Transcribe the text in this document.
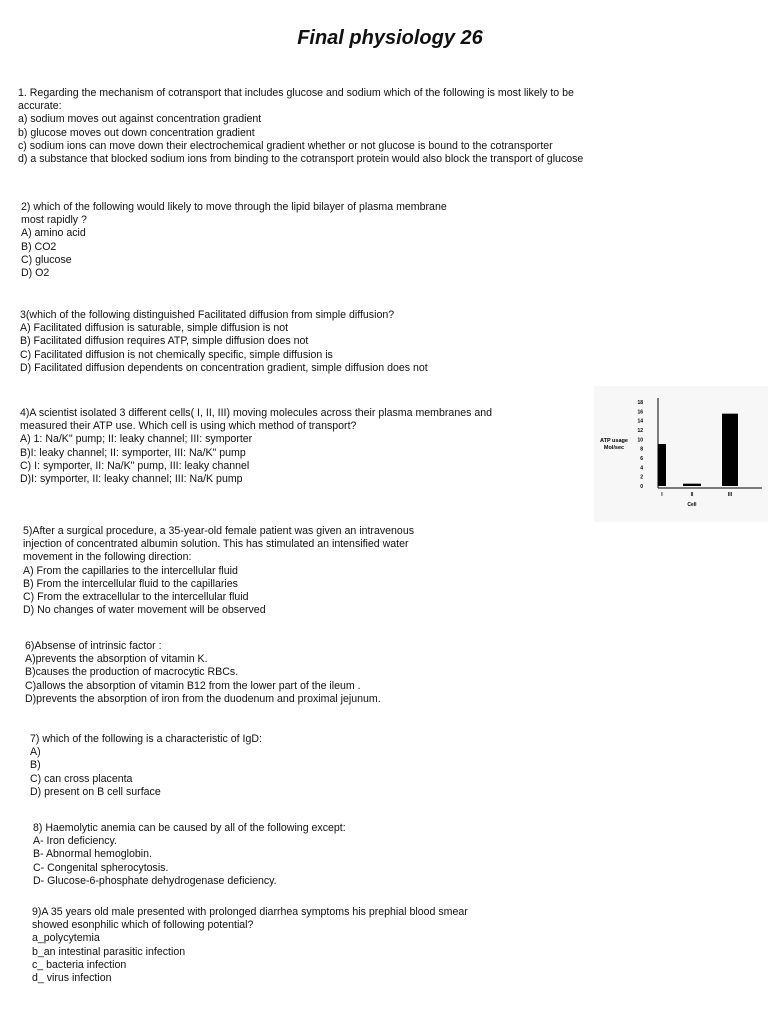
Final physiology 26
1. Regarding the mechanism of cotransport that includes glucose and sodium which of the following is most likely to be
accurate:
a) sodium moves out against concentration gradient
b) glucose moves out down concentration gradient
c) sodium ions can move down their electrochemical gradient whether or not glucose is bound to the cotransporter
d) a substance that blocked sodium ions from binding to the cotransport protein would also block the transport of glucose
2) which of the following would likely to move through the lipid bilayer of plasma membrane
most rapidly ?
A) amino acid
B) CO2
C) glucose
D) O2
3(which of the following distinguished Facilitated diffusion from simple diffusion?
A) Facilitated diffusion is saturable, simple diffusion is not
B) Facilitated diffusion requires ATP, simple diffusion does not
C) Facilitated diffusion is not chemically specific, simple diffusion is
D) Facilitated diffusion dependents on concentration gradient, simple diffusion does not
4)A scientist isolated 3 different cells( I, II, III) moving molecules across their plasma membranes and
measured their ATP use. Which cell is using which method of transport?
A) 1: Na/K" pump; II: leaky channel; III: symporter
B)I: leaky channel; II: symporter, III: Na/K" pump
C) I: symporter, II: Na/K" pump, III: leaky channel
D)I: symporter, II: leaky channel; III: Na/K pump
5)After a surgical procedure, a 35-year-old female patient was given an intravenous
injection of concentrated albumin solution. This has stimulated an intensified water
movement in the following direction:
A) From the capillaries to the intercellular fluid
B) From the intercellular fluid to the capillaries
C) From the extracellular to the intercellular fluid
D) No changes of water movement will be observed
6)Absense of intrinsic factor :
A)prevents the absorption of vitamin K.
B)causes the production of macrocytic RBCs.
C)allows the absorption of vitamin B12 from the lower part of the ileum .
D)prevents the absorption of iron from the duodenum and proximal jejunum.
7) which of the following is a characteristic of IgD:
A)
B)
C) can cross placenta
D) present on B cell surface
8) Haemolytic anemia can be caused by all of the following except:
A- Iron deficiency.
B- Abnormal hemoglobin.
C- Congenital spherocytosis.
D- Glucose-6-phosphate dehydrogenase deficiency.
9)A 35 years old male presented with prolonged diarrhea symptoms his prephial blood smear
showed esonphilic which of following potential?
a_polycytemia
b_an intestinal parasitic infection
c_ bacteria infection
d_ virus infection
0
2
4
6
8
10
12
14
16
18
I	II	III
ATP usage Mol/sec
Cell
